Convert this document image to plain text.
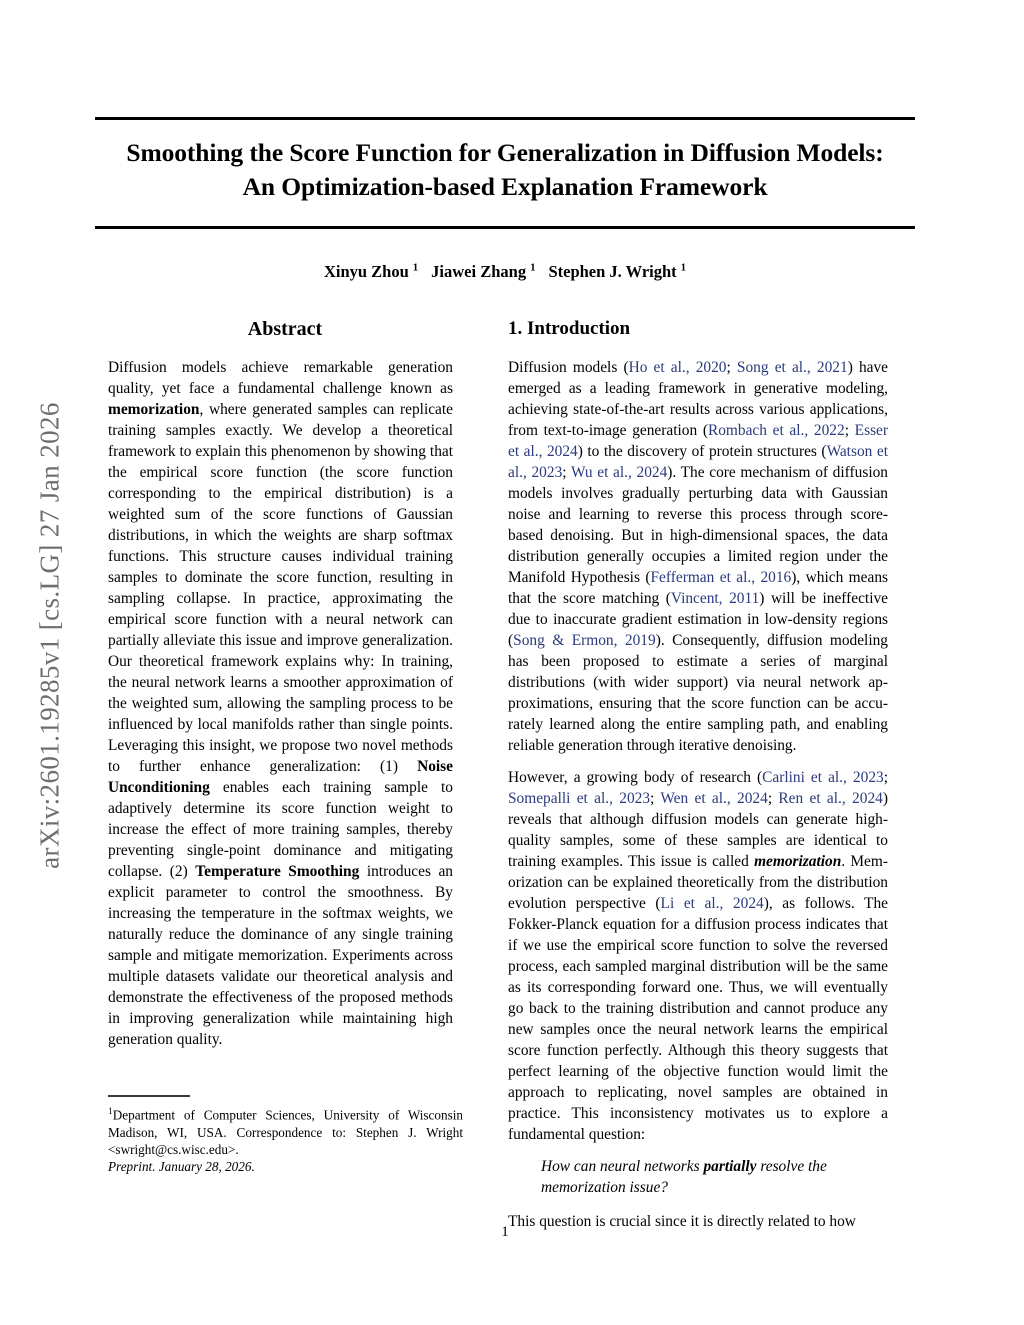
arXiv:2601.19285v1 [cs.LG] 27 Jan 2026
Smoothing the Score Function for Generalization in Diffusion Models:
An Optimization-based Explanation Framework
Xinyu Zhou $^1$ Jiawei Zhang $^1$ Stephen J. Wright $^1$
Abstract

Diffusion models achieve remarkable generation quality, yet face a fundamental challenge known as memorization, where generated samples can replicate training samples exactly. We develop a theoretical framework to explain this phenomenon by showing that the empirical score function (the score function corresponding to the empirical distribution) is a weighted sum of the score functions of Gaussian distributions, in which the weights are sharp softmax functions. This structure causes individual training samples to dominate the score function, resulting in sampling collapse. In practice, approximating the empirical score function with a neural network can partially alleviate this issue and improve generalization. Our theoretical framework explains why: In training, the neural network learns a smoother approximation of the weighted sum, allowing the sampling process to be influenced by local manifolds rather than single points. Leveraging this insight, we propose two novel methods to further enhance generalization: (1) Noise Unconditioning enables each training sample to adaptively determine its score function weight to increase the effect of more training samples, thereby preventing single-point dominance and mitigating collapse. (2) Temperature Smoothing introduces an explicit parameter to control the smoothness. By increasing the temperature in the softmax weights, we naturally reduce the dominance of any single training sample and mitigate memorization. Experiments across multiple datasets validate our theoretical analysis and demonstrate the effectiveness of the proposed methods in improving generalization while maintaining high generation quality.

1. Introduction

Diffusion models (Ho et al., 2020; Song et al., 2021) have emerged as a leading framework in generative modeling, achieving state-of-the-art results across various applications, from text-to-image generation (Rombach et al., 2022; Esser et al., 2024) to the discovery of protein structures (Watson et al., 2023; Wu et al., 2024). The core mechanism of diffusion models involves gradually perturbing data with Gaussian noise and learning to reverse this process through score-based denoising. But in high-dimensional spaces, the data distribution generally occupies a limited region under the Manifold Hypothesis (Fefferman et al., 2016), which means that the score matching (Vincent, 2011) will be ineffective due to inaccurate gradient estimation in low-density regions (Song & Ermon, 2019). Consequently, diffusion modeling has been proposed to estimate a series of marginal distributions (with wider support) via neural network approximations, ensuring that the score function can be accurately learned along the entire sampling path, and enabling reliable generation through iterative denoising.

However, a growing body of research (Carlini et al., 2023; Somepalli et al., 2023; Wen et al., 2024; Ren et al., 2024) reveals that although diffusion models can generate high-quality samples, some of these samples are identical to training examples. This issue is called memorization. Memorization can be explained theoretically from the distribution evolution perspective (Li et al., 2024), as follows. The Fokker-Planck equation for a diffusion process indicates that if we use the empirical score function to solve the reversed process, each sampled marginal distribution will be the same as its corresponding forward one. Thus, we will eventually go back to the training distribution and cannot produce any new samples once the neural network learns the empirical score function perfectly. Although this theory suggests that perfect learning of the objective function would limit the approach to replicating, novel samples are obtained in practice. This inconsistency motivates us to explore a fundamental question:

How can neural networks partially resolve the memorization issue?

This question is crucial since it is directly related to how

$^1$Department of Computer Sciences, University of Wisconsin Madison, WI, USA. Correspondence to: Stephen J. Wright <swright@cs.wisc.edu>.

Preprint. January 28, 2026.

1
